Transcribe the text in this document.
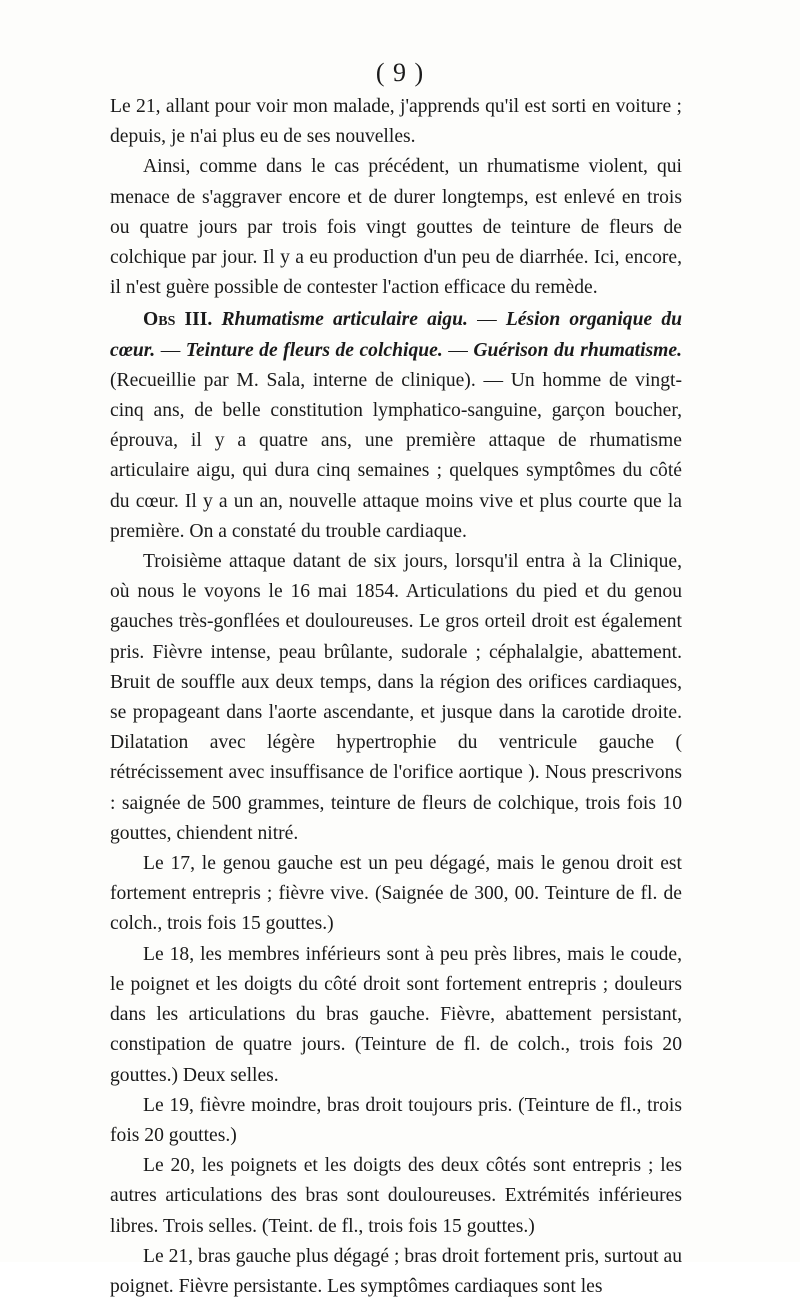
( 9 )

Le 21, allant pour voir mon malade, j'apprends qu'il est sorti en voiture ; depuis, je n'ai plus eu de ses nouvelles.

Ainsi, comme dans le cas précédent, un rhumatisme violent, qui menace de s'aggraver encore et de durer longtemps, est enlevé en trois ou quatre jours par trois fois vingt gouttes de teinture de fleurs de colchique par jour. Il y a eu production d'un peu de diarrhée. Ici, encore, il n'est guère possible de contester l'action efficace du remède.

Obs III. Rhumatisme articulaire aigu. — Lésion organique du cœur. — Teinture de fleurs de colchique. — Guérison du rhumatisme. (Recueillie par M. Sala, interne de clinique). — Un homme de vingt-cinq ans, de belle constitution lymphatico-sanguine, garçon boucher, éprouva, il y a quatre ans, une première attaque de rhumatisme articulaire aigu, qui dura cinq semaines ; quelques symptômes du côté du cœur. Il y a un an, nouvelle attaque moins vive et plus courte que la première. On a constaté du trouble cardiaque.

Troisième attaque datant de six jours, lorsqu'il entra à la Clinique, où nous le voyons le 16 mai 1854. Articulations du pied et du genou gauches très-gonflées et douloureuses. Le gros orteil droit est également pris. Fièvre intense, peau brûlante, sudorale ; céphalalgie, abattement. Bruit de souffle aux deux temps, dans la région des orifices cardiaques, se propageant dans l'aorte ascendante, et jusque dans la carotide droite. Dilatation avec légère hypertrophie du ventricule gauche ( rétrécissement avec insuffisance de l'orifice aortique ). Nous prescrivons : saignée de 500 grammes, teinture de fleurs de colchique, trois fois 10 gouttes, chiendent nitré.

Le 17, le genou gauche est un peu dégagé, mais le genou droit est fortement entrepris ; fièvre vive. (Saignée de 300, 00. Teinture de fl. de colch., trois fois 15 gouttes.)

Le 18, les membres inférieurs sont à peu près libres, mais le coude, le poignet et les doigts du côté droit sont fortement entrepris ; douleurs dans les articulations du bras gauche. Fièvre, abattement persistant, constipation de quatre jours. (Teinture de fl. de colch., trois fois 20 gouttes.) Deux selles.

Le 19, fièvre moindre, bras droit toujours pris. (Teinture de fl., trois fois 20 gouttes.)

Le 20, les poignets et les doigts des deux côtés sont entrepris ; les autres articulations des bras sont douloureuses. Extrémités inférieures libres. Trois selles. (Teint. de fl., trois fois 15 gouttes.)

Le 21, bras gauche plus dégagé ; bras droit fortement pris, surtout au poignet. Fièvre persistante. Les symptômes cardiaques sont les
